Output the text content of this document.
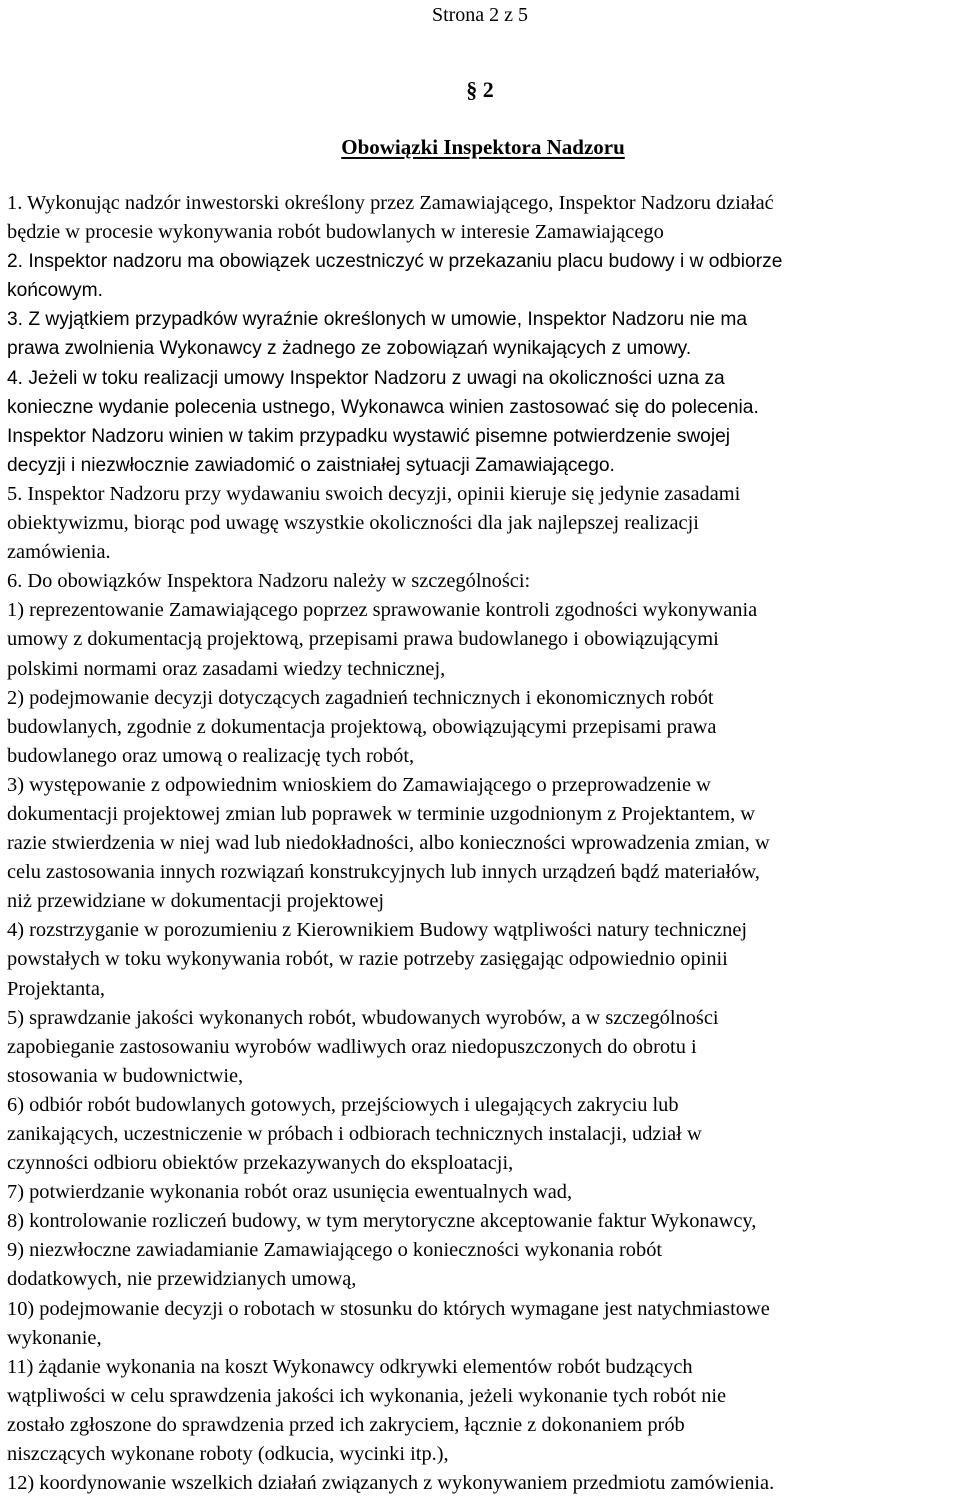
Strona 2 z 5
§ 2
Obowiązki Inspektora Nadzoru
1. Wykonując nadzór inwestorski określony przez Zamawiającego, Inspektor Nadzoru działać
będzie w procesie wykonywania robót budowlanych w interesie Zamawiającego
2. Inspektor nadzoru ma obowiązek uczestniczyć w przekazaniu placu budowy i w odbiorze
końcowym.
3. Z wyjątkiem przypadków wyraźnie określonych w umowie, Inspektor Nadzoru nie ma
prawa zwolnienia Wykonawcy z żadnego ze zobowiązań wynikających z umowy.
4. Jeżeli w toku realizacji umowy Inspektor Nadzoru z uwagi na okoliczności uzna za
konieczne wydanie polecenia ustnego, Wykonawca winien zastosować się do polecenia.
Inspektor Nadzoru winien w takim przypadku wystawić pisemne potwierdzenie swojej
decyzji i niezwłocznie zawiadomić o zaistniałej sytuacji Zamawiającego.
5. Inspektor Nadzoru przy wydawaniu swoich decyzji, opinii kieruje się jedynie zasadami
obiektywizmu, biorąc pod uwagę wszystkie okoliczności dla jak najlepszej realizacji
zamówienia.
6. Do obowiązków Inspektora Nadzoru należy w szczególności:
1) reprezentowanie Zamawiającego poprzez sprawowanie kontroli zgodności wykonywania
umowy z dokumentacją projektową, przepisami prawa budowlanego i obowiązującymi
polskimi normami oraz zasadami wiedzy technicznej,
2) podejmowanie decyzji dotyczących zagadnień technicznych i ekonomicznych robót
budowlanych, zgodnie z dokumentacja projektową, obowiązującymi przepisami prawa
budowlanego oraz umową o realizację tych robót,
3) występowanie z odpowiednim wnioskiem do Zamawiającego o przeprowadzenie w
dokumentacji projektowej zmian lub poprawek w terminie uzgodnionym z Projektantem, w
razie stwierdzenia w niej wad lub niedokładności, albo konieczności wprowadzenia zmian, w
celu zastosowania innych rozwiązań konstrukcyjnych lub innych urządzeń bądź materiałów,
niż przewidziane w dokumentacji projektowej
4) rozstrzyganie w porozumieniu z Kierownikiem Budowy wątpliwości natury technicznej
powstałych w toku wykonywania robót, w razie potrzeby zasięgając odpowiednio opinii
Projektanta,
5) sprawdzanie jakości wykonanych robót, wbudowanych wyrobów, a w szczególności
zapobieganie zastosowaniu wyrobów wadliwych oraz niedopuszczonych do obrotu i
stosowania w budownictwie,
6) odbiór robót budowlanych gotowych, przejściowych i ulegających zakryciu lub
zanikających, uczestniczenie w próbach i odbiorach technicznych instalacji, udział w
czynności odbioru obiektów przekazywanych do eksploatacji,
7) potwierdzanie wykonania robót oraz usunięcia ewentualnych wad,
8) kontrolowanie rozliczeń budowy, w tym merytoryczne akceptowanie faktur Wykonawcy,
9) niezwłoczne zawiadamianie Zamawiającego o konieczności wykonania robót
dodatkowych, nie przewidzianych umową,
10) podejmowanie decyzji o robotach w stosunku do których wymagane jest natychmiastowe
wykonanie,
11) żądanie wykonania na koszt Wykonawcy odkrywki elementów robót budzących
wątpliwości w celu sprawdzenia jakości ich wykonania, jeżeli wykonanie tych robót nie
zostało zgłoszone do sprawdzenia przed ich zakryciem, łącznie z dokonaniem prób
niszczących wykonane roboty (odkucia, wycinki itp.),
12) koordynowanie wszelkich działań związanych z wykonywaniem przedmiotu zamówienia.
